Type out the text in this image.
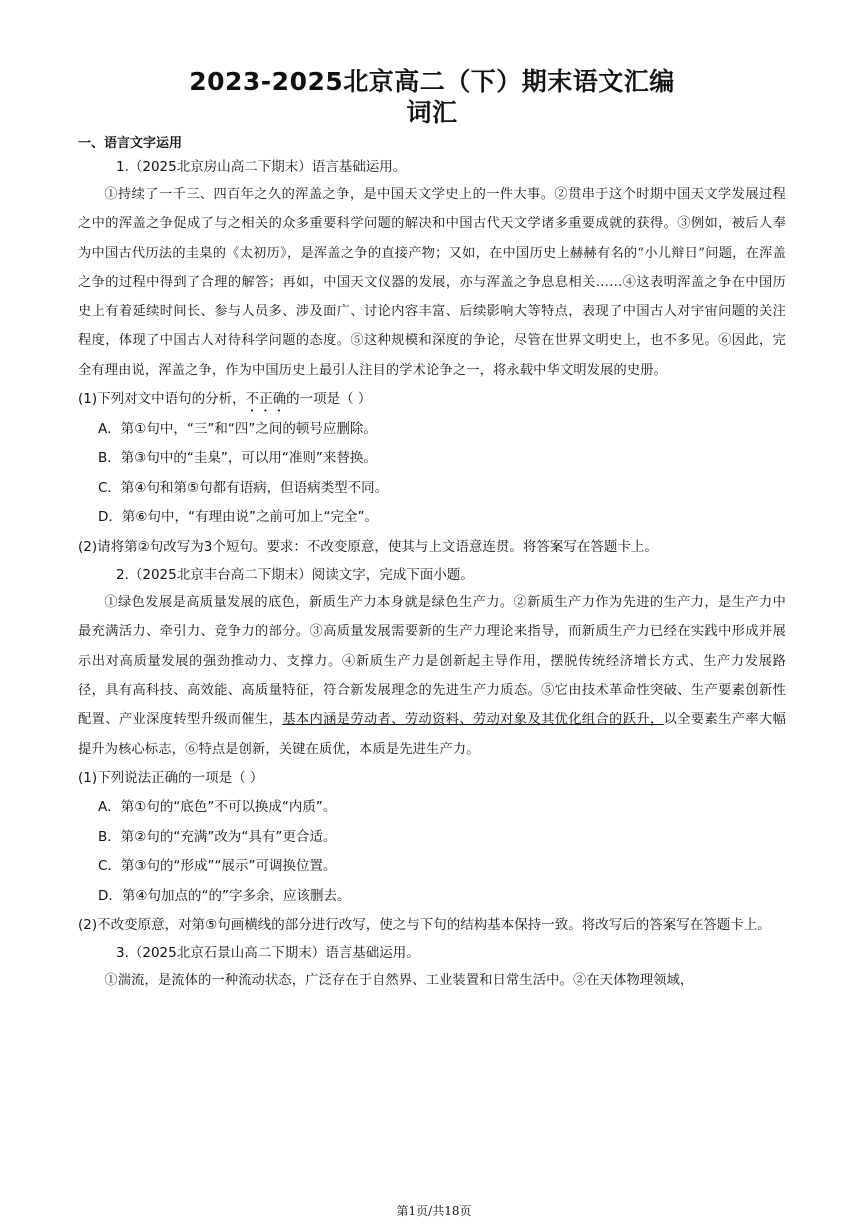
2023-2025北京高二（下）期末语文汇编
词汇

一、语言文字运用

1.（2025北京房山高二下期末）语言基础运用。

①持续了一千三、四百年之久的浑盖之争，是中国天文学史上的一件大事。②贯串于这个时期中国天文学发展过程之中的浑盖之争促成了与之相关的众多重要科学问题的解决和中国古代天文学诸多重要成就的获得。③例如，被后人奉为中国古代历法的圭臬的《太初历》，是浑盖之争的直接产物；又如，在中国历史上赫赫有名的“小儿辩日”问题，在浑盖之争的过程中得到了合理的解答；再如，中国天文仪器的发展，亦与浑盖之争息息相关……④这表明浑盖之争在中国历史上有着延续时间长、参与人员多、涉及面广、讨论内容丰富、后续影响大等特点，表现了中国古人对宇宙问题的关注程度，体现了中国古人对待科学问题的态度。⑤这种规模和深度的争论，尽管在世界文明史上，也不多见。⑥因此，完全有理由说，浑盖之争，作为中国历史上最引人注目的学术论争之一，将永载中华文明发展的史册。

(1)下列对文中语句的分析，不正确的一项是（ ）

A．第①句中，“三”和“四”之间的顿号应删除。

B．第③句中的“圭臬”，可以用“准则”来替换。

C．第④句和第⑤句都有语病，但语病类型不同。

D．第⑥句中，“有理由说”之前可加上“完全”。

(2)请将第②句改写为3个短句。要求：不改变原意，使其与上文语意连贯。将答案写在答题卡上。

2.（2025北京丰台高二下期末）阅读文字，完成下面小题。

①绿色发展是高质量发展的底色，新质生产力本身就是绿色生产力。②新质生产力作为先进的生产力，是生产力中最充满活力、牵引力、竞争力的部分。③高质量发展需要新的生产力理论来指导，而新质生产力已经在实践中形成并展示出对高质量发展的强劲推动力、支撑力。④新质生产力是创新起主导作用，摆脱传统经济增长方式、生产力发展路径，具有高科技、高效能、高质量特征，符合新发展理念的先进生产力质态。⑤它由技术革命性突破、生产要素创新性配置、产业深度转型升级而催生，基本内涵是劳动者、劳动资料、劳动对象及其优化组合的跃升，以全要素生产率大幅提升为核心标志，⑥特点是创新，关键在质优，本质是先进生产力。

(1)下列说法正确的一项是（ ）

A．第①句的“底色”不可以换成“内质”。

B．第②句的“充满”改为“具有”更合适。

C．第③句的“形成”“展示”可调换位置。

D．第④句加点的“的”字多余，应该删去。

(2)不改变原意，对第⑤句画横线的部分进行改写，使之与下句的结构基本保持一致。将改写后的答案写在答题卡上。

3.（2025北京石景山高二下期末）语言基础运用。

①湍流，是流体的一种流动状态，广泛存在于自然界、工业装置和日常生活中。②在天体物理领域，

第1页/共18页
